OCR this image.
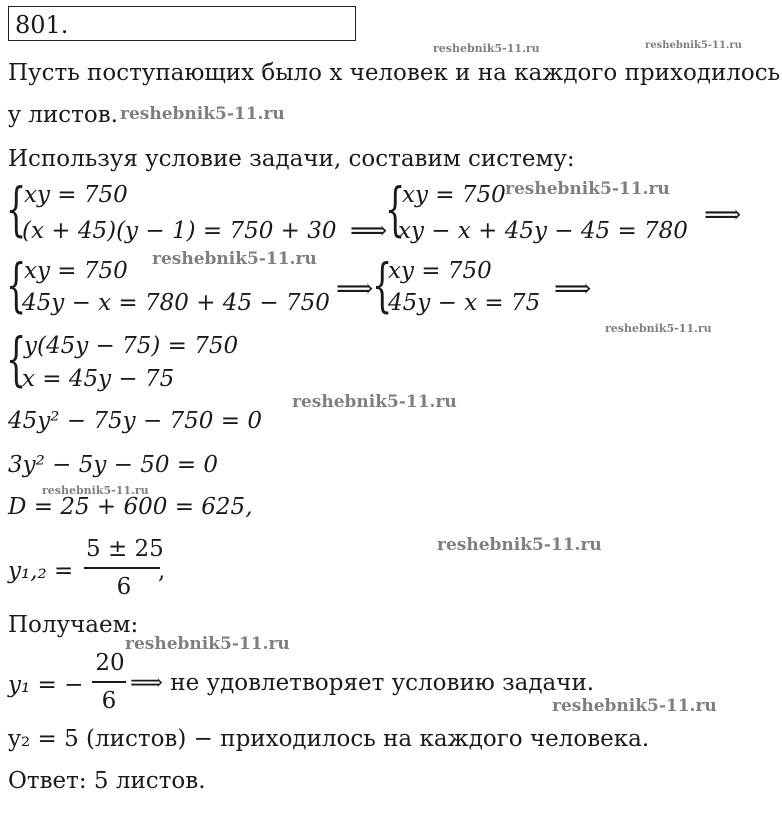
801.
reshebnik5-11.ru	reshebnik5-11.ru
reshebnik5-11.ru
reshebnik5-11.ru
reshebnik5-11.ru
reshebnik5-11.ru
reshebnik5-11.ru
reshebnik5-11.ru
reshebnik5-11.ru
reshebnik5-11.ru
reshebnik5-11.ru
Пусть поступающих было x человек и на каждого приходилось
y листов.
Используя условие задачи, составим систему:
{
xy = 750
(x + 45)(y − 1) = 750 + 30 ⟹
{
xy = 750
xy − x + 45y − 45 = 780
⟹
{
xy = 750
45y − x = 780 + 45 − 750 ⟹
{
xy = 750
45y − x = 75 ⟹
{
y(45y − 75) = 750
x = 45y − 75
45y² − 75y − 750 = 0
3y² − 5y − 50 = 0
D = 25 + 600 = 625,
y₁,₂ =
5 ± 25
6
,
Получаем:
y₁ = −
20
6
⟹ не удовлетворяет условию задачи.
y₂ = 5 (листов) − приходилось на каждого человека.
Ответ: 5 листов.
